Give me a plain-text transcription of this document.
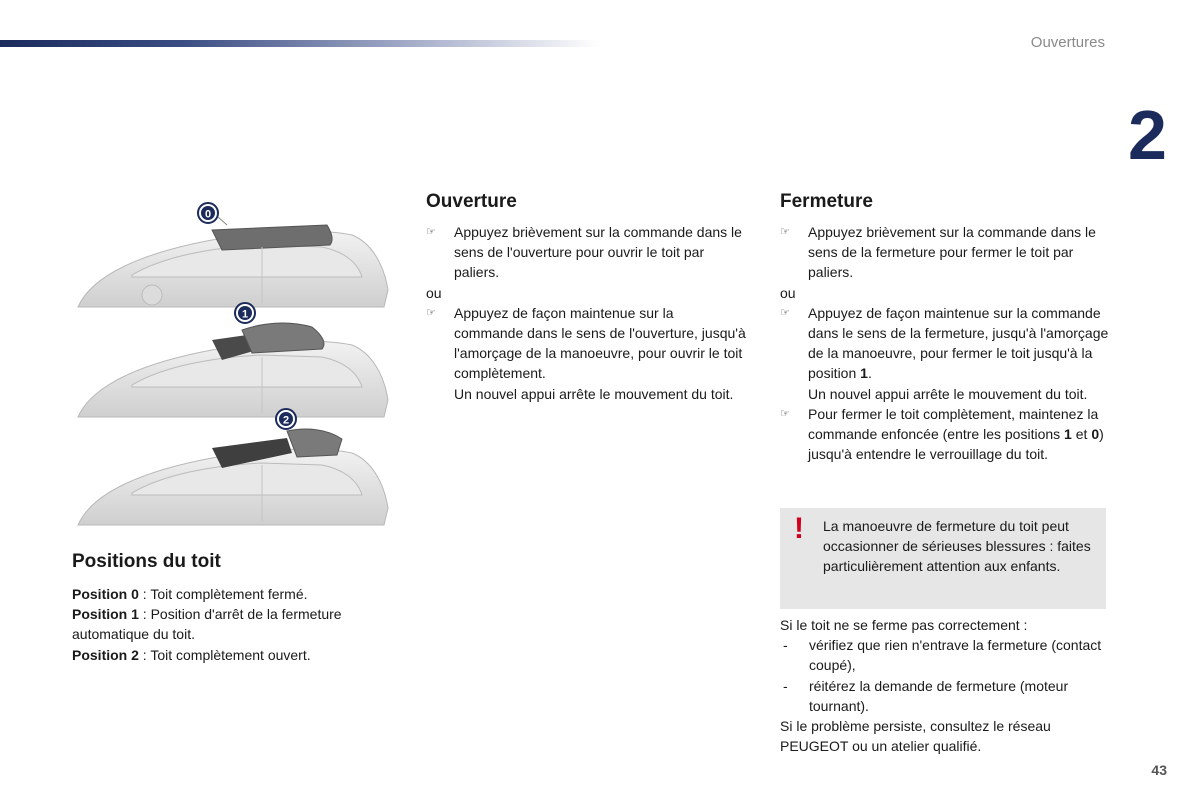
Ouvertures
2
0
1
2
Positions du toit
Position 0 : Toit complètement fermé.
Position 1 : Position d'arrêt de la fermeture automatique du toit.
Position 2 : Toit complètement ouvert.
Ouverture
☞ Appuyez brièvement sur la commande dans le sens de l'ouverture pour ouvrir le toit par paliers.
ou
☞ Appuyez de façon maintenue sur la commande dans le sens de l'ouverture, jusqu'à l'amorçage de la manoeuvre, pour ouvrir le toit complètement.
Un nouvel appui arrête le mouvement du toit.
Fermeture
☞ Appuyez brièvement sur la commande dans le sens de la fermeture pour fermer le toit par paliers.
ou
☞ Appuyez de façon maintenue sur la commande dans le sens de la fermeture, jusqu'à l'amorçage de la manoeuvre, pour fermer le toit jusqu'à la position 1.
Un nouvel appui arrête le mouvement du toit.
☞ Pour fermer le toit complètement, maintenez la commande enfoncée (entre les positions 1 et 0) jusqu'à entendre le verrouillage du toit.
! La manoeuvre de fermeture du toit peut occasionner de sérieuses blessures : faites particulièrement attention aux enfants.
Si le toit ne se ferme pas correctement :
- vérifiez que rien n'entrave la fermeture (contact coupé),
- réitérez la demande de fermeture (moteur tournant).
Si le problème persiste, consultez le réseau PEUGEOT ou un atelier qualifié.
43
